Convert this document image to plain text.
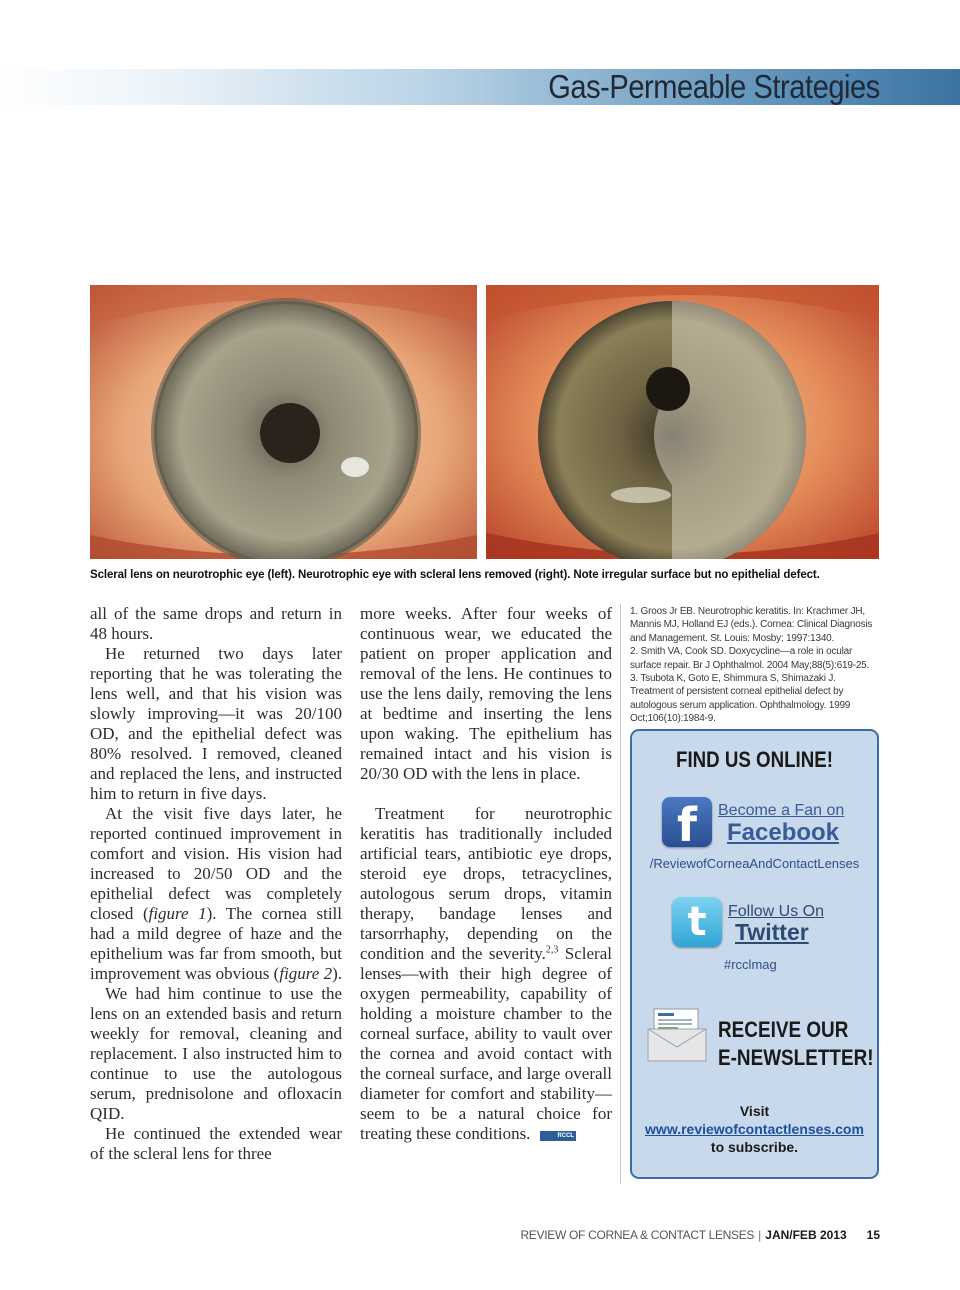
Gas-Permeable Strategies
Scleral lens on neurotrophic eye (left). Neurotrophic eye with scleral lens removed (right). Note irregular surface but no epithelial defect.

all of the same drops and return in 48 hours.

He returned two days later reporting that he was tolerating the lens well, and that his vision was slowly improving—it was 20/100 OD, and the epithelial defect was 80% resolved. I removed, cleaned and replaced the lens, and instructed him to return in five days.

At the visit five days later, he reported continued improvement in comfort and vision. His vision had increased to 20/50 OD and the epithelial defect was completely closed (figure 1). The cornea still had a mild degree of haze and the epithelium was far from smooth, but improvement was obvious (figure 2).

We had him continue to use the lens on an extended basis and return weekly for removal, cleaning and replacement. I also instructed him to continue to use the autologous serum, prednisolone and ofloxacin QID.

He continued the extended wear of the scleral lens for three

more weeks. After four weeks of continuous wear, we educated the patient on proper application and removal of the lens. He continues to use the lens daily, removing the lens at bedtime and inserting the lens upon waking. The epithelium has remained intact and his vision is 20/30 OD with the lens in place.

Treatment for neurotrophic keratitis has traditionally included artificial tears, antibiotic eye drops, steroid eye drops, tetracyclines, autologous serum drops, vitamin therapy, bandage lenses and tarsorrhaphy, depending on the condition and the severity.$^{2,3}$ Scleral lenses—with their high degree of oxygen permeability, capability of holding a moisture chamber to the corneal surface, ability to vault over the cornea and avoid contact with the corneal surface, and large overall diameter for comfort and stability—seem to be a natural choice for treating these conditions.	RCCL

1. Groos Jr EB. Neurotrophic keratitis. In: Krachmer JH, Mannis MJ, Holland EJ (eds.). Cornea: Clinical Diagnosis and Management. St. Louis: Mosby; 1997:1340.
2. Smith VA, Cook SD. Doxycycline—a role in ocular surface repair. Br J Ophthalmol. 2004 May;88(5):619-25.
3. Tsubota K, Goto E, Shimmura S, Shimazaki J. Treatment of persistent corneal epithelial defect by autologous serum application. Ophthalmology. 1999 Oct;106(10):1984-9.
FIND US ONLINE!
f	Become a Fan on
Facebook
/ReviewofCorneaAndContactLenses
t	Follow Us On
Twitter
#rcclmag
RECEIVE OUR
E-NEWSLETTER!
Visit
www.reviewofcontactlenses.com
to subscribe.
REVIEW OF CORNEA & CONTACT LENSES | JAN/FEB 2013 15
